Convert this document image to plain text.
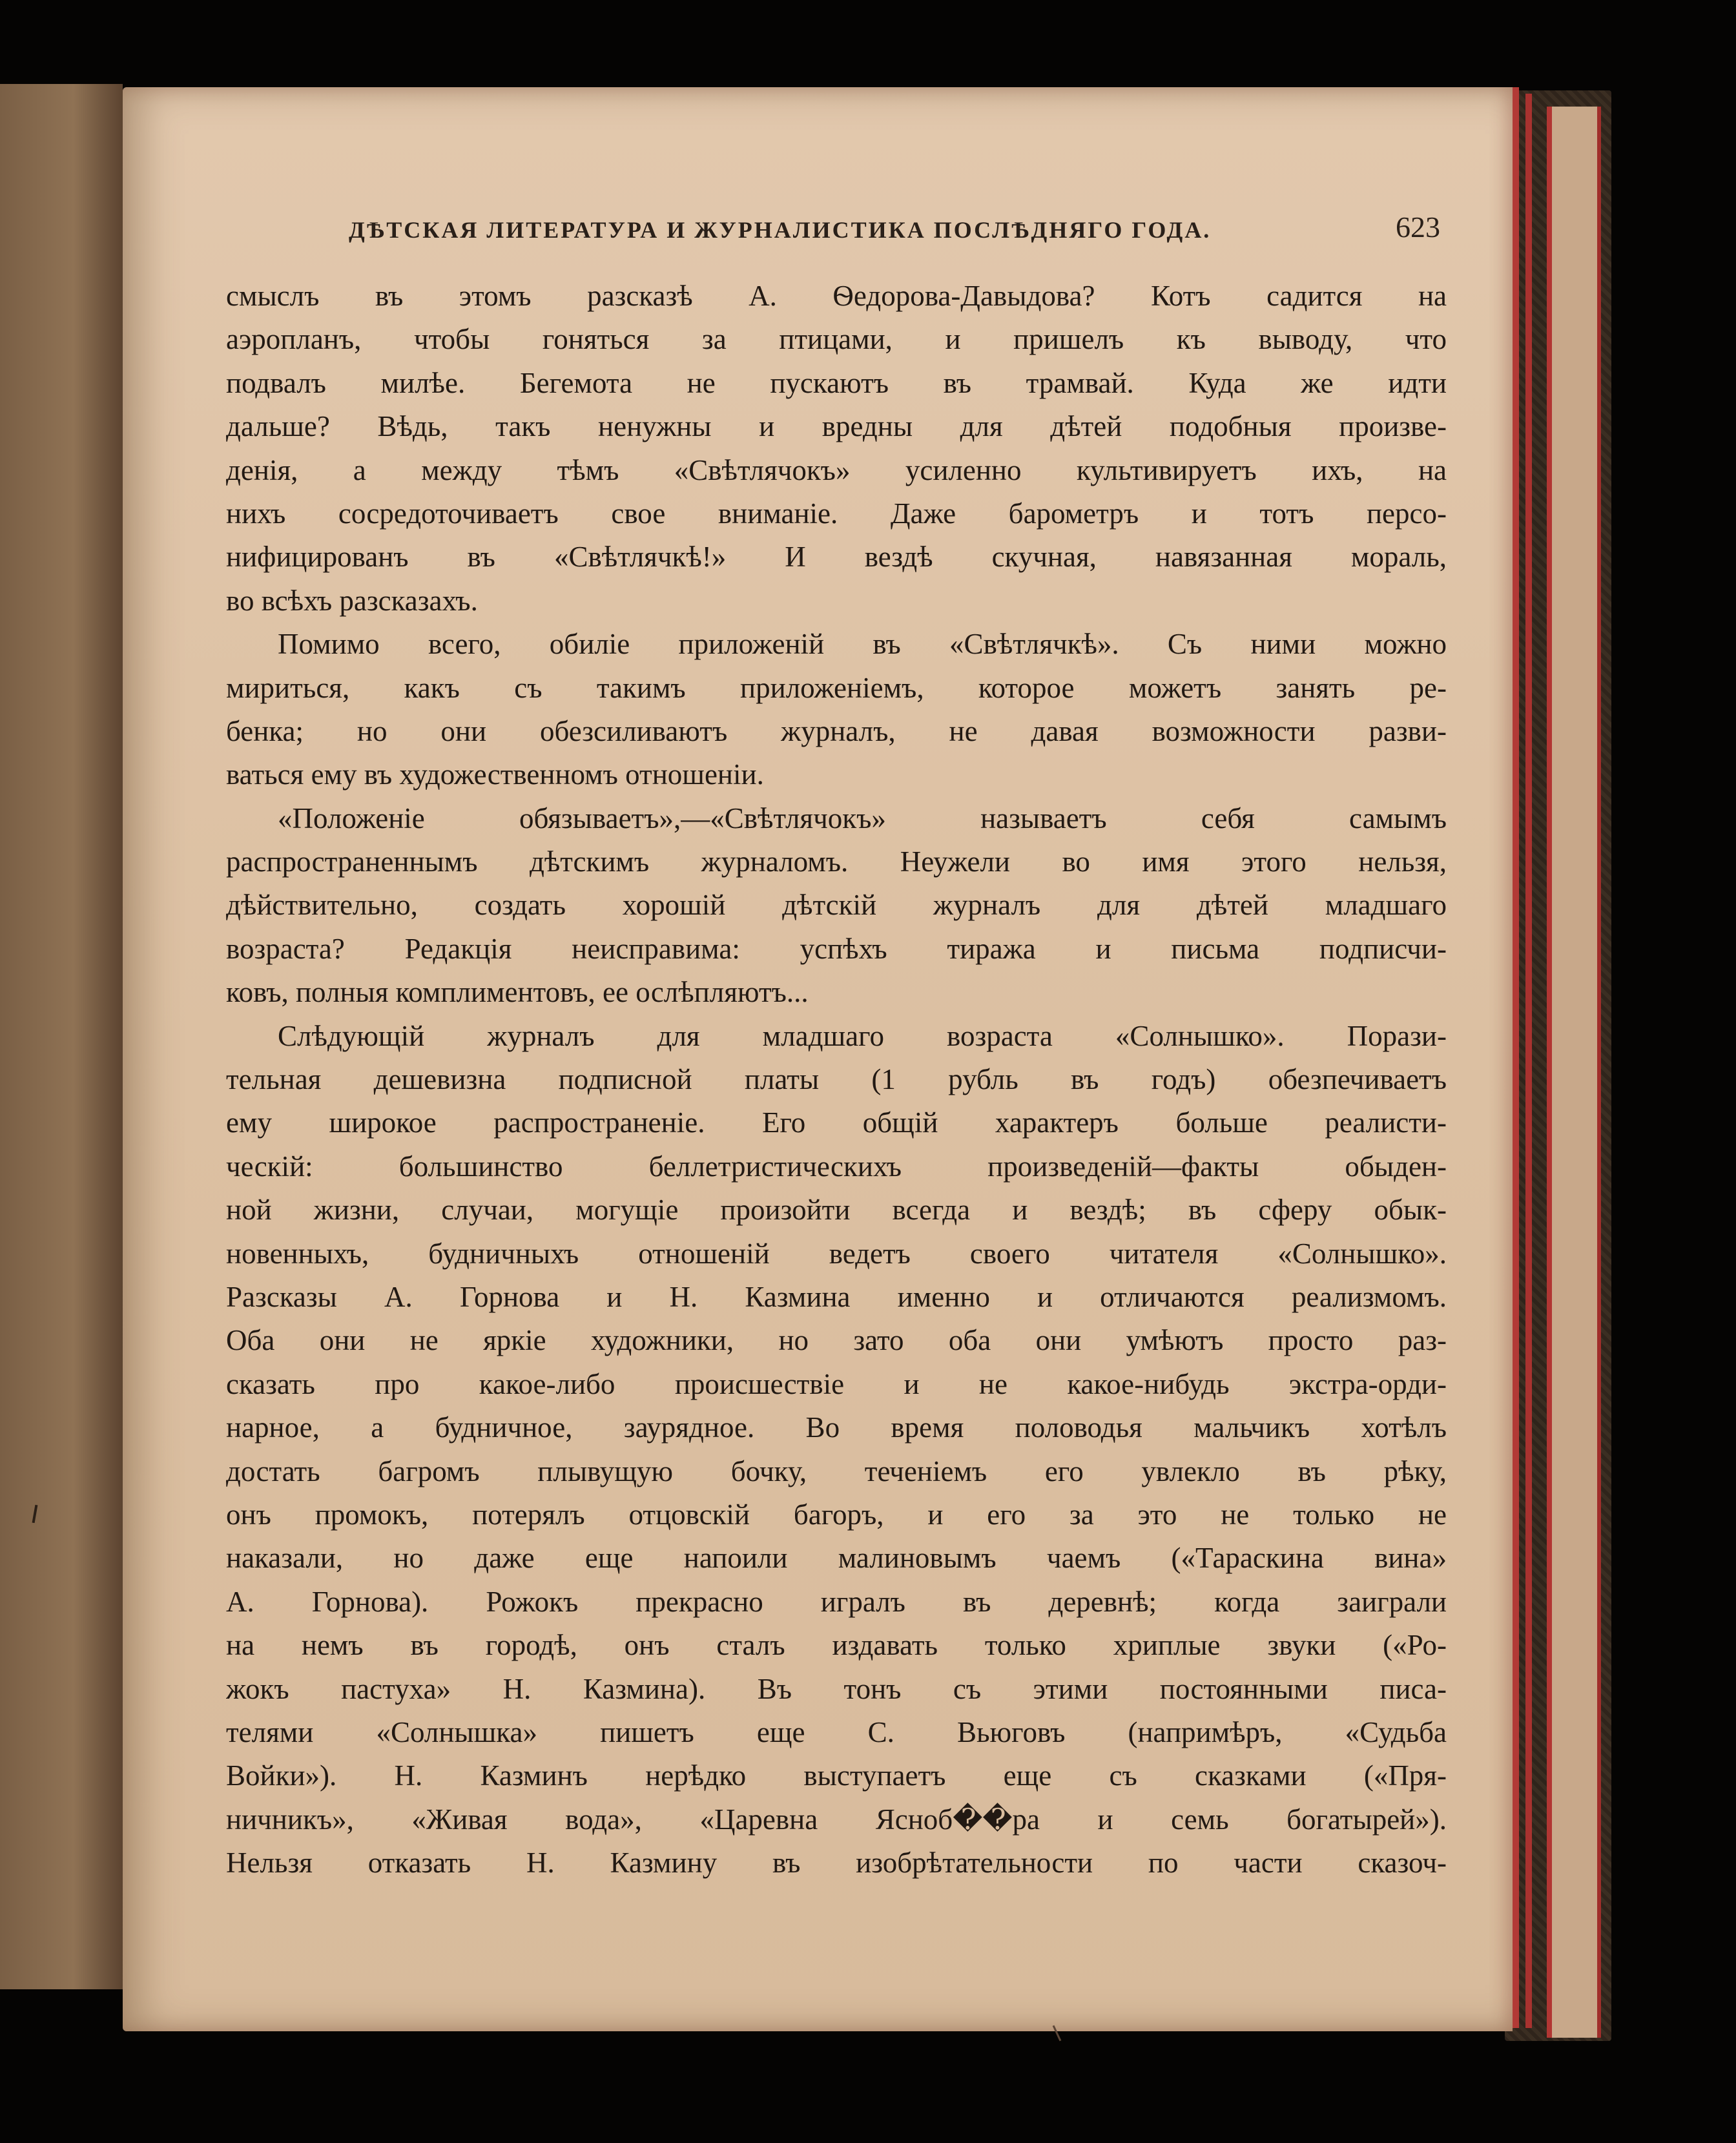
ДѢТСКАЯ ЛИТЕРАТУРА И ЖУРНАЛИСТИКА ПОСЛѢДНЯГО ГОДА.	623
смыслъ въ этомъ разсказѣ А. Ѳедорова-Давыдова? Котъ садится на
аэропланъ, чтобы гоняться за птицами, и пришелъ къ выводу, что
подвалъ милѣе. Бегемота не пускаютъ въ трамвай. Куда же идти
дальше? Вѣдь, такъ ненужны и вредны для дѣтей подобныя произве-
денія, а между тѣмъ «Свѣтлячокъ» усиленно культивируетъ ихъ, на
нихъ сосредоточиваетъ свое вниманіе. Даже барометръ и тотъ персо-
нифицированъ въ «Свѣтлячкѣ!» И вездѣ скучная, навязанная мораль,
во всѣхъ разсказахъ.
Помимо всего, обиліе приложеній въ «Свѣтлячкѣ». Съ ними можно
мириться, какъ съ такимъ приложеніемъ, которое можетъ занять ре-
бенка; но они обезсиливаютъ журналъ, не давая возможности разви-
ваться ему въ художественномъ отношеніи.
«Положеніе обязываетъ»,—«Свѣтлячокъ» называетъ себя самымъ
распространеннымъ дѣтскимъ журналомъ. Неужели во имя этого нельзя,
дѣйствительно, создать хорошій дѣтскій журналъ для дѣтей младшаго
возраста? Редакція неисправима: успѣхъ тиража и письма подписчи-
ковъ, полныя комплиментовъ, ее ослѣпляютъ...
Слѣдующій журналъ для младшаго возраста «Солнышко». Порази-
тельная дешевизна подписной платы (1 рубль въ годъ) обезпечиваетъ
ему широкое распространеніе. Его общій характеръ больше реалисти-
ческій: большинство беллетристическихъ произведеній—факты обыден-
ной жизни, случаи, могущіе произойти всегда и вездѣ; въ сферу обык-
новенныхъ, будничныхъ отношеній ведетъ своего читателя «Солнышко».
Разсказы А. Горнова и Н. Казмина именно и отличаются реализмомъ.
Оба они не яркіе художники, но зато оба они умѣютъ просто раз-
сказать про какое-либо происшествіе и не какое-нибудь экстра-орди-
нарное, а будничное, заурядное. Во время половодья мальчикъ хотѣлъ
достать багромъ плывущую бочку, теченіемъ его увлекло въ рѣку,
онъ промокъ, потерялъ отцовскій багоръ, и его за это не только не
наказали, но даже еще напоили малиновымъ чаемъ («Тараскина вина»
А. Горнова). Рожокъ прекрасно игралъ въ деревнѣ; когда заиграли
на немъ въ городѣ, онъ сталъ издавать только хриплые звуки («Ро-
жокъ пастуха» Н. Казмина). Въ тонъ съ этими постоянными писа-
телями «Солнышка» пишетъ еще С. Вьюговъ (напримѣръ, «Судьба
Войки»). Н. Казминъ нерѣдко выступаетъ еще съ сказками («Пря-
ничникъ», «Живая вода», «Царевна Ясноб��ра и семь богатырей»).
Нельзя отказать Н. Казмину въ изобрѣтательности по части сказоч-
